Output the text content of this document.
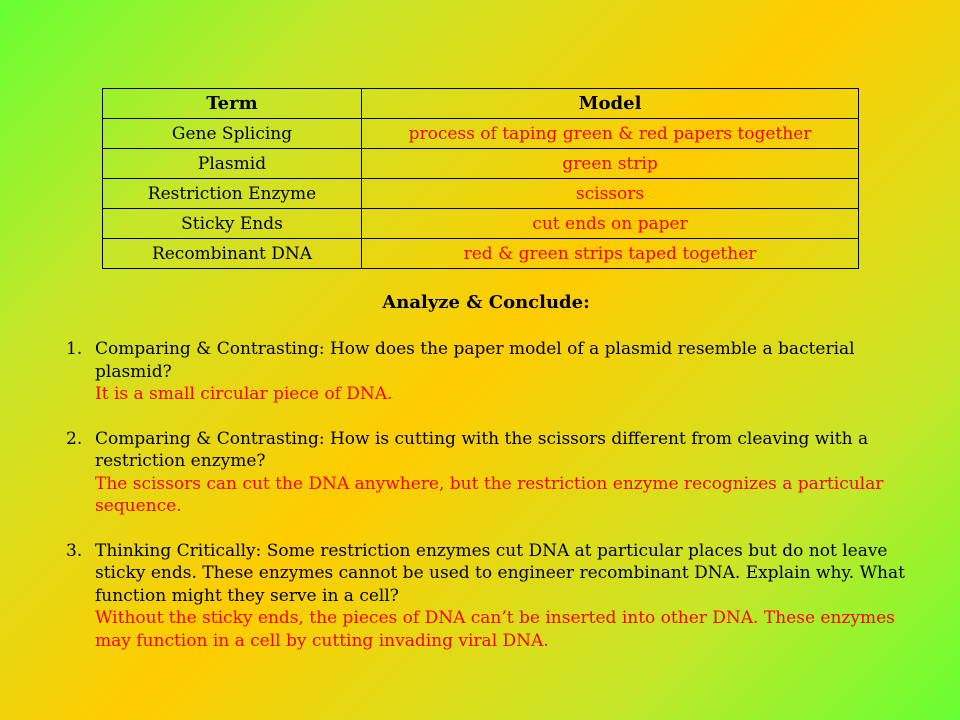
Term	Model
Gene Splicing	process of taping green & red papers together
Plasmid	green strip
Restriction Enzyme	scissors
Sticky Ends	cut ends on paper
Recombinant DNA	red & green strips taped together
Analyze & Conclude:
1. Comparing & Contrasting: How does the paper model of a plasmid resemble a bacterial plasmid?
It is a small circular piece of DNA.
2. Comparing & Contrasting: How is cutting with the scissors different from cleaving with a restriction enzyme?
The scissors can cut the DNA anywhere, but the restriction enzyme recognizes a particular sequence.
3. Thinking Critically: Some restriction enzymes cut DNA at particular places but do not leave sticky ends. These enzymes cannot be used to engineer recombinant DNA. Explain why. What function might they serve in a cell?
Without the sticky ends, the pieces of DNA can’t be inserted into other DNA. These enzymes may function in a cell by cutting invading viral DNA.
